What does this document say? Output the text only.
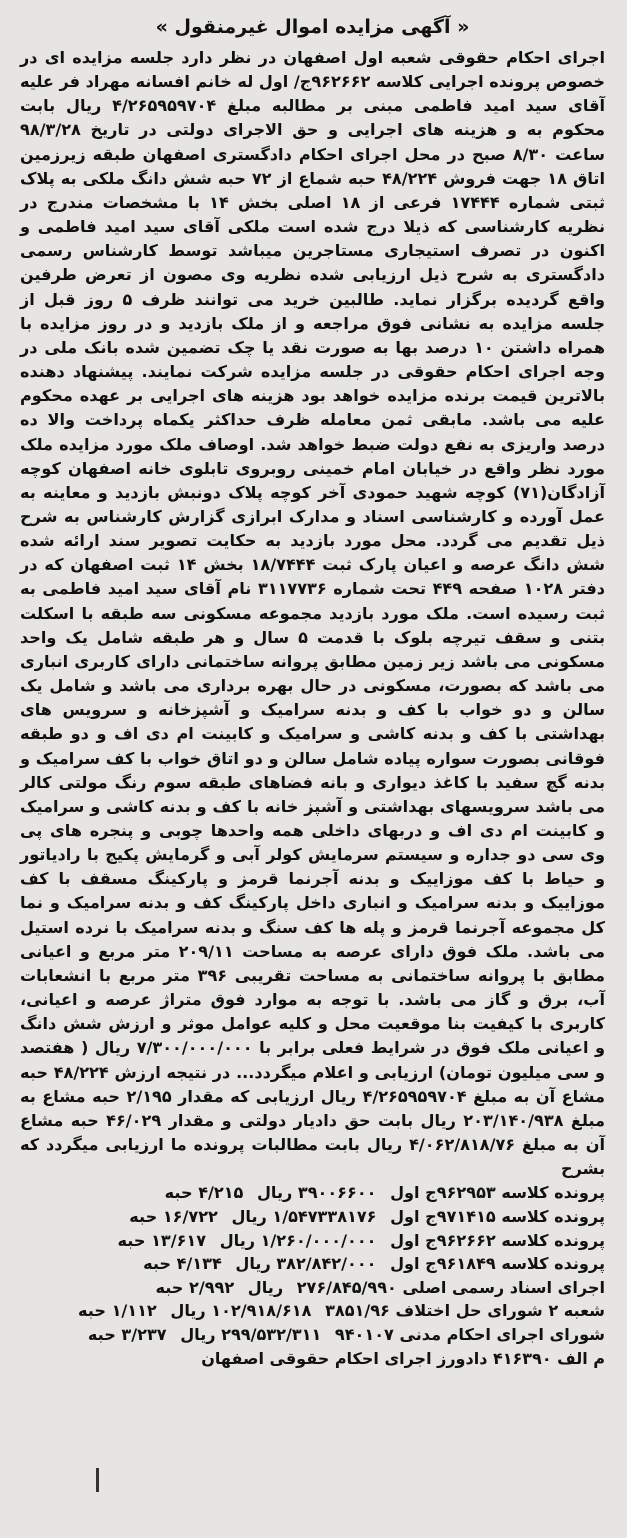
« آگهی مزایده اموال غیرمنقول »
اجرای احکام حقوقی شعبه اول اصفهان در نظر دارد جلسه مزایده ای در خصوص پرونده اجرایی کلاسه ۹۶۲۶۶۲ج/ اول له خانم افسانه مهراد فر علیه آقای سید امید فاطمی مبنی بر مطالبه مبلغ ۴/۲۶۵۹۵۹۷۰۴ ریال بابت محکوم به و هزینه های اجرایی و حق الاجرای دولتی در تاریخ ۹۸/۳/۲۸ ساعت ۸/۳۰ صبح در محل اجرای احکام دادگستری اصفهان طبقه زیرزمین اتاق ۱۸ جهت فروش ۴۸/۲۲۴ حبه شماع از ۷۲ حبه شش دانگ ملکی به پلاک ثبتی شماره ۱۷۴۴۴ فرعی از ۱۸ اصلی بخش ۱۴ با مشخصات مندرج در نظریه کارشناسی که ذیلا درج شده است ملکی آقای سید امید فاطمی و اکنون در تصرف استیجاری مستاجرین میباشد توسط کارشناس رسمی دادگستری به شرح ذیل ارزیابی شده نظریه وی مصون از تعرض طرفین واقع گردیده برگزار نماید. طالبین خرید می توانند ظرف ۵ روز قبل از جلسه مزایده به نشانی فوق مراجعه و از ملک بازدید و در روز مزایده با همراه داشتن ۱۰ درصد بها به صورت نقد یا چک تضمین شده بانک ملی در وجه اجرای احکام حقوقی در جلسه مزایده شرکت نمایند. پیشنهاد دهنده بالاترین قیمت برنده مزایده خواهد بود هزینه های اجرایی بر عهده محکوم علیه می باشد. مابقی ثمن معامله ظرف حداکثر یکماه پرداخت والا ده درصد واریزی به نفع دولت ضبط خواهد شد. اوصاف ملک مورد مزایده ملک مورد نظر واقع در خیابان امام خمینی روبروی تابلوی خانه اصفهان کوچه آزادگان(۷۱) کوچه شهید حمودی آخر کوچه پلاک دونبش بازدید و معاینه به عمل آورده و کارشناسی اسناد و مدارک ابرازی گزارش کارشناس به شرح ذیل تقدیم می گردد. محل مورد بازدید به حکایت تصویر سند ارائه شده شش دانگ عرصه و اعیان پارک ثبت ۱۸/۷۴۴۴ بخش ۱۴ ثبت اصفهان که در دفتر ۱۰۲۸ صفحه ۴۴۹ تحت شماره ۳۱۱۷۷۳۶ نام آقای سید امید فاطمی به ثبت رسیده است. ملک مورد بازدید مجموعه مسکونی سه طبقه با اسکلت بتنی و سقف تیرچه بلوک با قدمت ۵ سال و هر طبقه شامل یک واحد مسکونی می باشد زیر زمین مطابق پروانه ساختمانی دارای کاربری انباری می باشد که بصورت، مسکونی در حال بهره برداری می باشد و شامل یک سالن و دو خواب با کف و بدنه سرامیک و آشپزخانه و سرویس های بهداشتی با کف و بدنه کاشی و سرامیک و کابینت ام دی اف و دو طبقه فوقانی بصورت سواره پیاده شامل سالن و دو اتاق خواب با کف سرامیک و بدنه گچ سفید با کاغذ دیواری و بانه فضاهای طبقه سوم رنگ مولتی کالر می باشد سرویسهای بهداشتی و آشپز خانه با کف و بدنه کاشی و سرامیک و کابینت ام دی اف و دربهای داخلی همه واحدها چوبی و پنجره های پی وی سی دو جداره و سیستم سرمایش کولر آبی و گرمایش پکیج با رادیاتور و حیاط با کف موزاییک و بدنه آجرنما قرمز و پارکینگ مسقف با کف موزاییک و بدنه سرامیک و انباری داخل پارکینگ کف و بدنه سرامیک و نما کل مجموعه آجرنما قرمز و پله ها کف سنگ و بدنه سرامیک با نرده استیل می باشد. ملک فوق دارای عرصه به مساحت ۲۰۹/۱۱ متر مربع و اعیانی مطابق با پروانه ساختمانی به مساحت تقریبی ۳۹۶ متر مربع با انشعابات آب، برق و گاز می باشد. با توجه به موارد فوق متراژ عرصه و اعیانی، کاربری با کیفیت بنا موقعیت محل و کلیه عوامل موثر و ارزش شش دانگ و اعیانی ملک فوق در شرایط فعلی برابر با ۷/۳۰۰/۰۰۰/۰۰۰ ریال ( هفتصد و سی میلیون تومان) ارزیابی و اعلام میگردد... در نتیجه ارزش ۴۸/۲۲۴ حبه مشاع آن به مبلغ ۴/۲۶۵۹۵۹۷۰۴ ریال ارزیابی که مقدار ۲/۱۹۵ حبه مشاع به مبلغ ۲۰۳/۱۴۰/۹۳۸ ریال بابت حق دادیار دولتی و مقدار ۴۶/۰۲۹ حبه مشاع آن به مبلغ ۴/۰۶۲/۸۱۸/۷۶ ریال بابت مطالبات پرونده ما ارزیابی میگردد که بشرح
پرونده کلاسه ۹۶۲۹۵۳ج اول ۳۹۰۰۶۶۰۰ ریال ۴/۲۱۵ حبه
پرونده کلاسه ۹۷۱۴۱۵ج اول ۱/۵۴۷۳۳۸۱۷۶ ریال ۱۶/۷۲۲ حبه
پرونده کلاسه ۹۶۲۶۶۲ج اول ۱/۲۶۰/۰۰۰/۰۰۰ ریال ۱۳/۶۱۷ حبه
پرونده کلاسه ۹۶۱۸۴۹ج اول ۳۸۲/۸۴۲/۰۰۰ ریال ۴/۱۳۴ حبه
اجرای اسناد رسمی اصلی ۲۷۶/۸۴۵/۹۹۰ ریال ۲/۹۹۲ حبه
شعبه ۲ شورای حل اختلاف ۳۸۵۱/۹۶ ۱۰۲/۹۱۸/۶۱۸ ریال ۱/۱۱۲ حبه
شورای اجرای احکام مدنی ۹۴۰۱۰۷ ۲۹۹/۵۳۲/۳۱۱ ریال ۳/۲۳۷ حبه
م الف ۴۱۶۳۹۰ دادورز اجرای احکام حقوقی اصفهان
